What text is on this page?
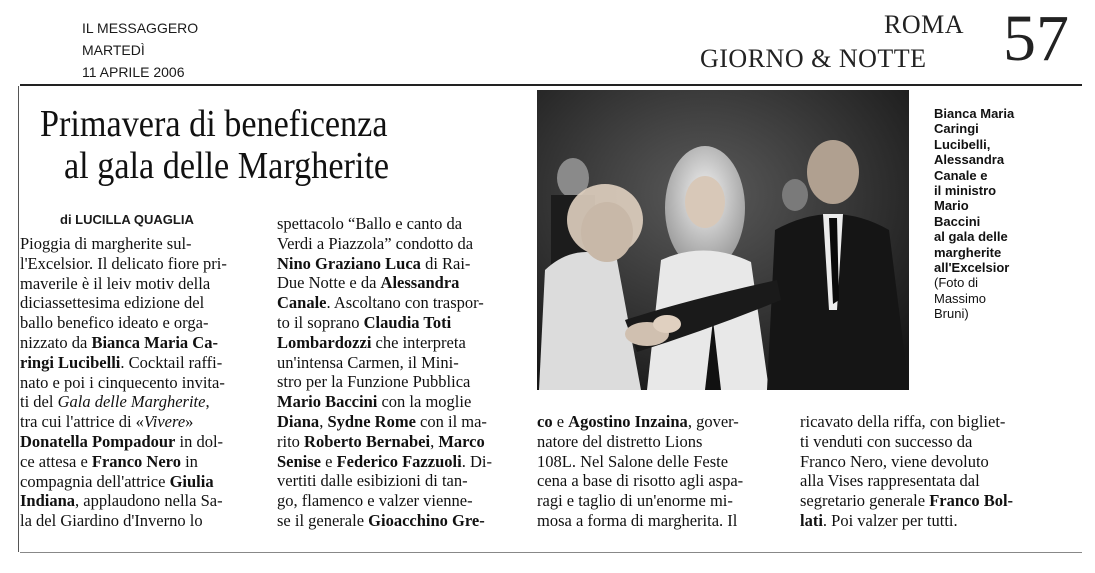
IL MESSAGGERO
MARTEDÌ
11 APRILE 2006
ROMA
GIORNO & NOTTE 57
Primavera di beneficenza
al gala delle Margherite
di LUCILLA QUAGLIA
Bianca Maria
Caringi
Lucibelli,
Alessandra
Canale e
il ministro
Mario
Baccini
al gala delle
margherite
all'Excelsior
(Foto di
Massimo
Bruni)
Pioggia di margherite sul-
l'Excelsior. Il delicato fiore pri-
maverile è il leiv motiv della
diciassettesima edizione del
ballo benefico ideato e orga-
nizzato da Bianca Maria Ca-
ringi Lucibelli. Cocktail raffi-
nato e poi i cinquecento invita-
ti del Gala delle Margherite,
tra cui l'attrice di «Vivere»
Donatella Pompadour in dol-
ce attesa e Franco Nero in
compagnia dell'attrice Giulia
Indiana, applaudono nella Sa-
la del Giardino d'Inverno lo
spettacolo “Ballo e canto da
Verdi a Piazzola” condotto da
Nino Graziano Luca di Rai-
Due Notte e da Alessandra
Canale. Ascoltano con traspor-
to il soprano Claudia Toti
Lombardozzi che interpreta
un'intensa Carmen, il Mini-
stro per la Funzione Pubblica
Mario Baccini con la moglie
Diana, Sydne Rome con il ma-
rito Roberto Bernabei, Marco
Senise e Federico Fazzuoli. Di-
vertiti dalle esibizioni di tan-
go, flamenco e valzer vienne-
se il generale Gioacchino Gre-
co e Agostino Inzaina, gover-
natore del distretto Lions
108L. Nel Salone delle Feste
cena a base di risotto agli aspa-
ragi e taglio di un'enorme mi-
mosa a forma di margherita. Il
ricavato della riffa, con bigliet-
ti venduti con successo da
Franco Nero, viene devoluto
alla Vises rappresentata dal
segretario generale Franco Bol-
lati. Poi valzer per tutti.
